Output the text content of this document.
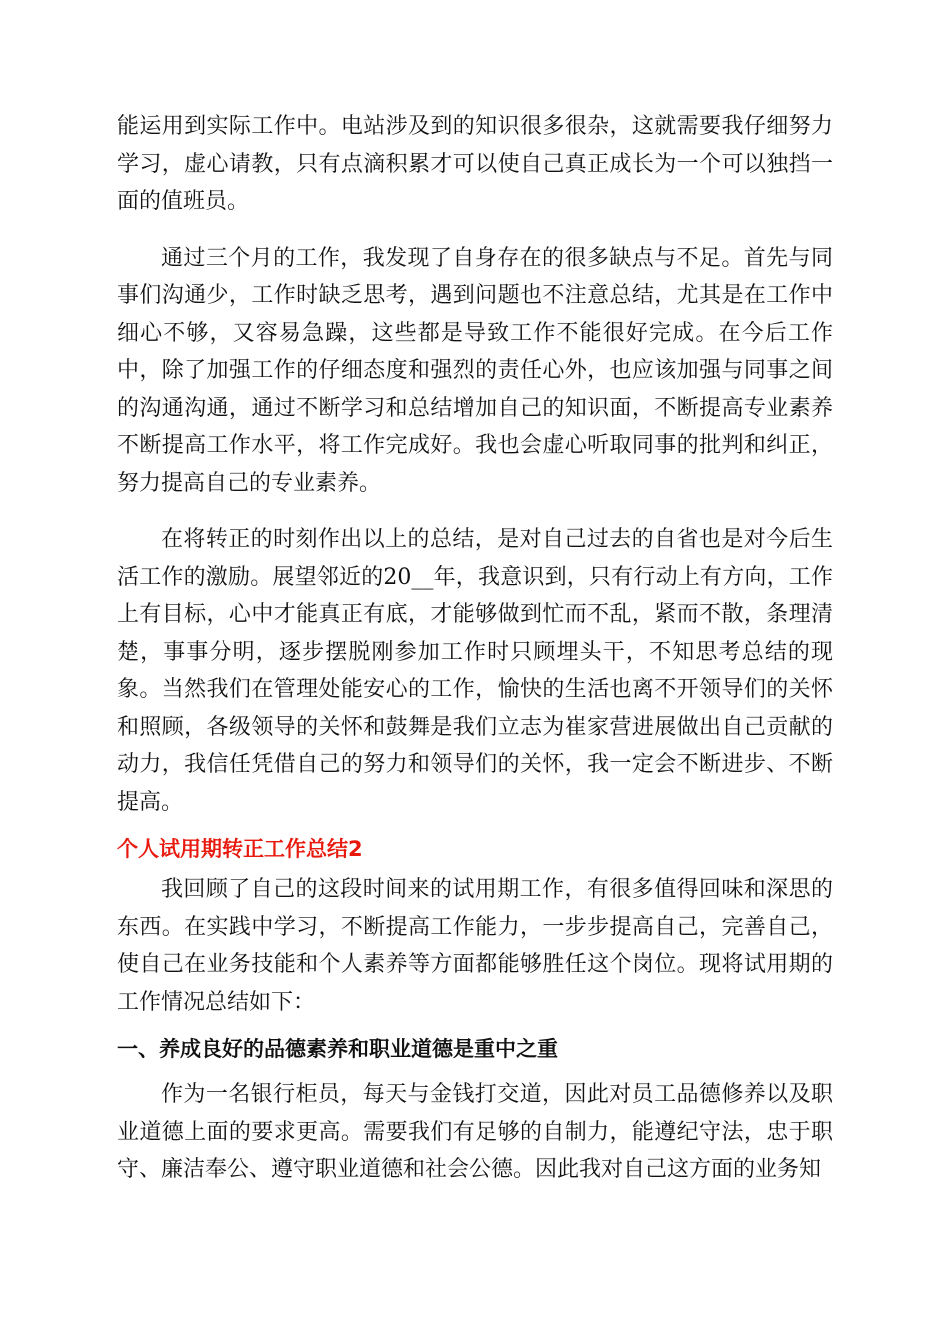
能运用到实际工作中。电站涉及到的知识很多很杂，这就需要我仔细努力学习，虚心请教，只有点滴积累才可以使自己真正成长为一个可以独挡一面的值班员。

通过三个月的工作，我发现了自身存在的很多缺点与不足。首先与同事们沟通少，工作时缺乏思考，遇到问题也不注意总结，尤其是在工作中细心不够，又容易急躁，这些都是导致工作不能很好完成。在今后工作中，除了加强工作的仔细态度和强烈的责任心外，也应该加强与同事之间的沟通沟通，通过不断学习和总结增加自己的知识面，不断提高专业素养不断提高工作水平，将工作完成好。我也会虚心听取同事的批判和纠正，努力提高自己的专业素养。

在将转正的时刻作出以上的总结，是对自己过去的自省也是对今后生活工作的激励。展望邻近的20__年，我意识到，只有行动上有方向，工作上有目标，心中才能真正有底，才能够做到忙而不乱，紧而不散，条理清楚，事事分明，逐步摆脱刚参加工作时只顾埋头干，不知思考总结的现象。当然我们在管理处能安心的工作，愉快的生活也离不开领导们的关怀和照顾，各级领导的关怀和鼓舞是我们立志为崔家营进展做出自己贡献的动力，我信任凭借自己的努力和领导们的关怀，我一定会不断进步、不断提高。

个人试用期转正工作总结2

我回顾了自己的这段时间来的试用期工作，有很多值得回味和深思的东西。在实践中学习，不断提高工作能力，一步步提高自己，完善自己，使自己在业务技能和个人素养等方面都能够胜任这个岗位。现将试用期的工作情况总结如下：

一、养成良好的品德素养和职业道德是重中之重

作为一名银行柜员，每天与金钱打交道，因此对员工品德修养以及职业道德上面的要求更高。需要我们有足够的自制力，能遵纪守法，忠于职守、廉洁奉公、遵守职业道德和社会公德。因此我对自己这方面的业务知
